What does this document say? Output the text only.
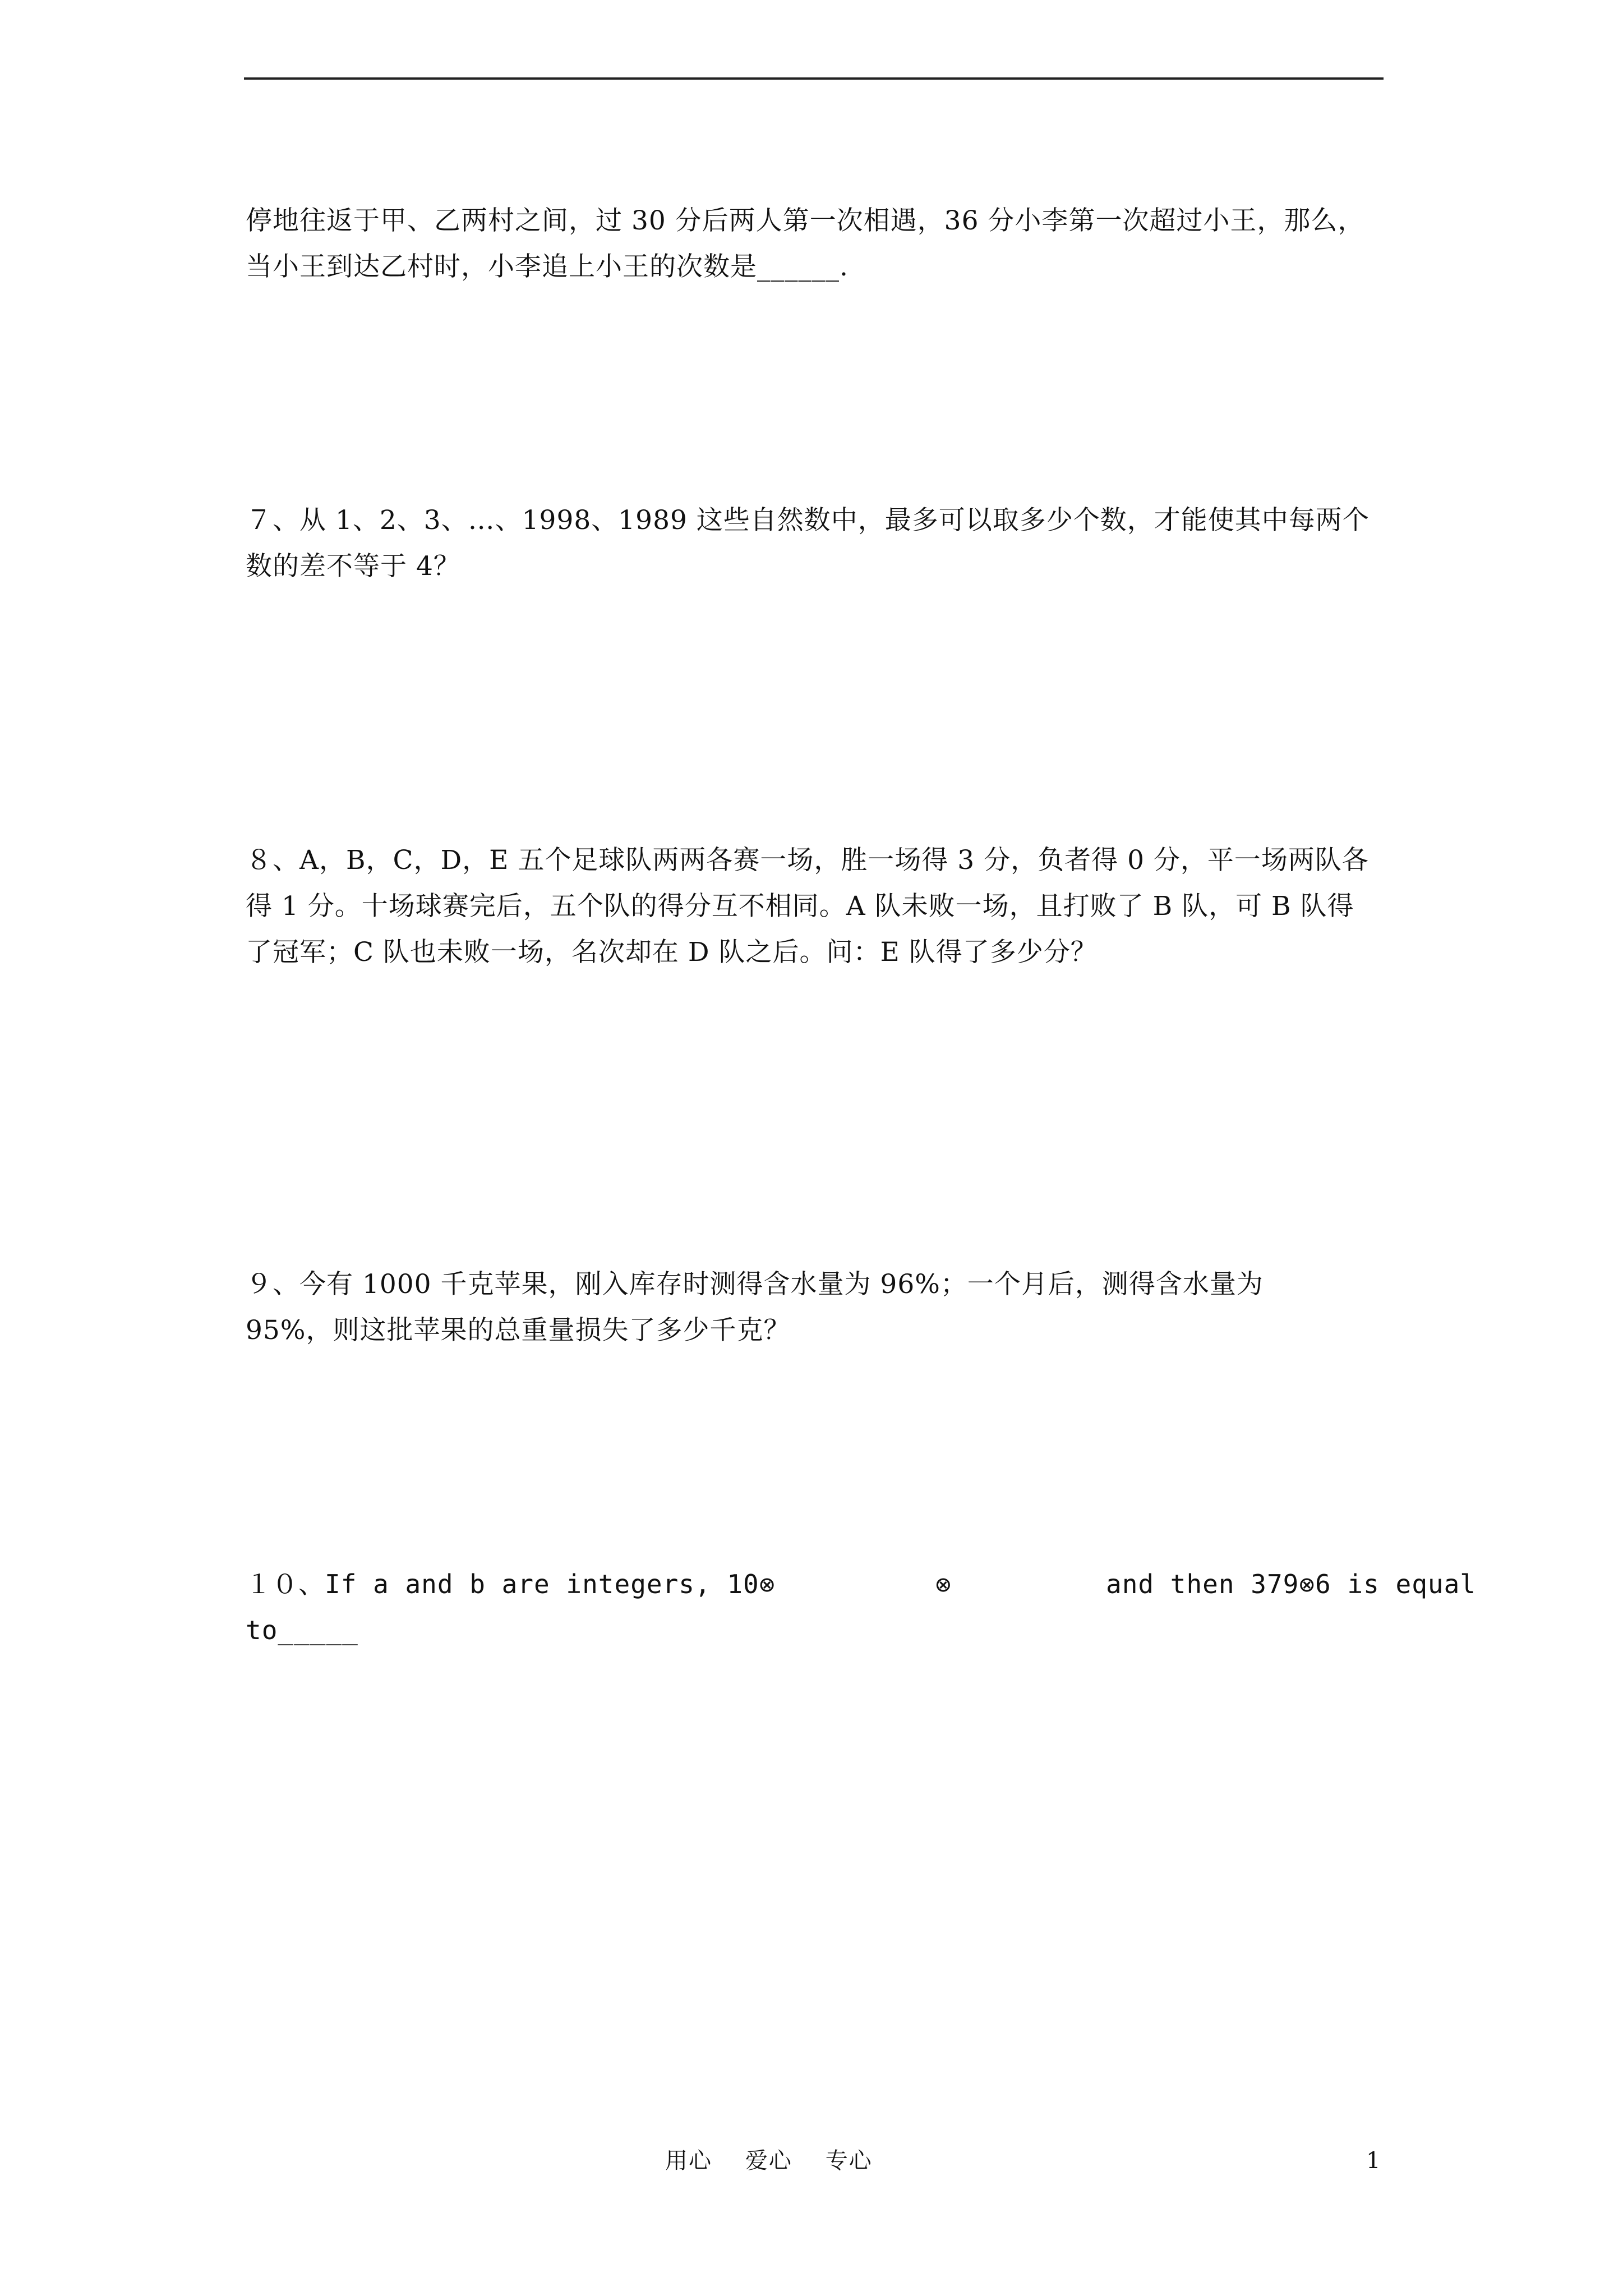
停地往返于甲、乙两村之间，过 30 分后两人第一次相遇，36 分小李第一次超过小王，那么，

当小王到达乙村时，小李追上小王的次数是______.

７、从 1、2、3、…、1998、1989 这些自然数中，最多可以取多少个数，才能使其中每两个

数的差不等于 4？

８、A，B，C，D，E 五个足球队两两各赛一场，胜一场得 3 分，负者得 0 分，平一场两队各

得 1 分。十场球赛完后，五个队的得分互不相同。A 队未败一场，且打败了 B 队，可 B 队得

了冠军；C 队也未败一场，名次却在 D 队之后。问：E 队得了多少分？

９、今有 1000 千克苹果，刚入库存时测得含水量为 96%；一个月后，测得含水量为

95%，则这批苹果的总重量损失了多少千克？

１０、If a and b are integers, 10⊗	⊗	and then 379⊗6 is equal

to_____

用心    爱心    专心	1
